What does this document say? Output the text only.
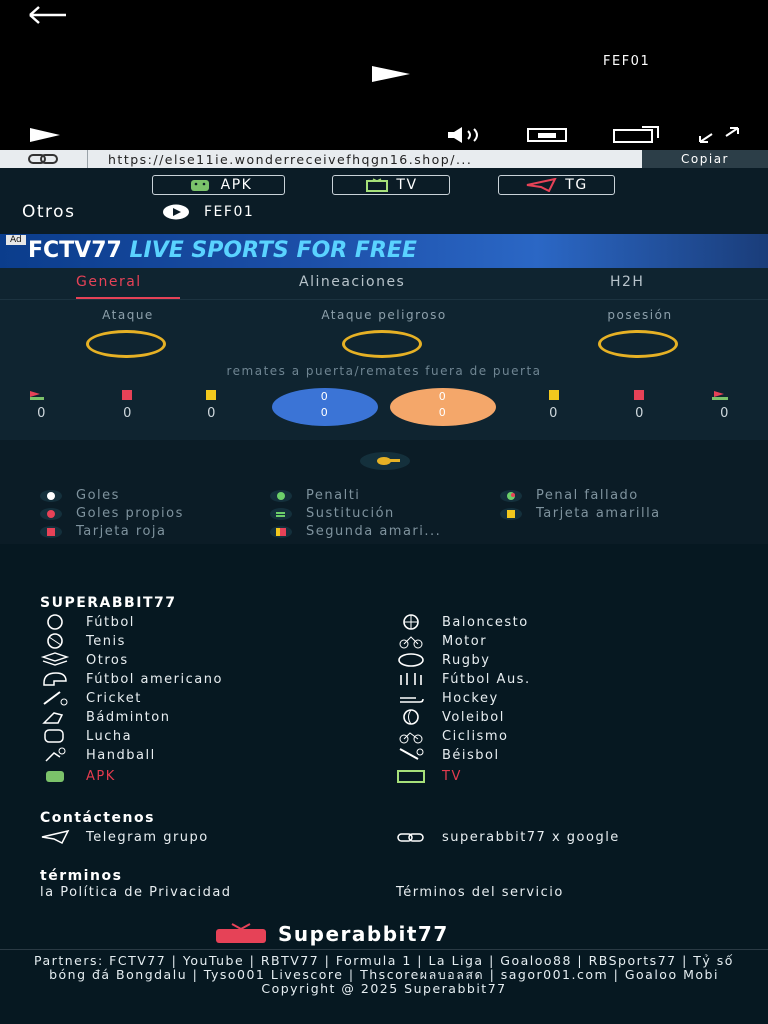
FEF01
https://else11ie.wonderreceivefhqgn16.shop/...	Copiar
APK	TV	TG
Otros	FEF01
Ad FCTV77 LIVE SPORTS FOR FREE
General	Alineaciones	H2H
Ataque	Ataque peligroso	posesión
remates a puerta/remates fuera de puerta
0	0	0
0
0
0
0	0	0	0
Goles	Penalti	Penal fallado
Goles propios	Sustitución	Tarjeta amarilla
Tarjeta roja	Segunda amari...
SUPERABBIT77
Fútbol
Tenis
Otros
Fútbol americano
Cricket
Bádminton
Lucha
Handball
APK
Baloncesto
Motor
Rugby
Fútbol Aus.
Hockey
Voleibol
Ciclismo
Béisbol
TV
Contáctenos
Telegram grupo	superabbit77 x google
términos
la Política de Privacidad	Términos del servicio
Superabbit77
Partners: FCTV77 | YouTube | RBTV77 | Formula 1 | La Liga | Goaloo88 | RBSports77 | Tỷ số bóng đá Bongdalu | Tyso001 Livescore | Thscoreผลบอลสด | sagor001.com | Goaloo Mobi
Copyright @ 2025 Superabbit77
